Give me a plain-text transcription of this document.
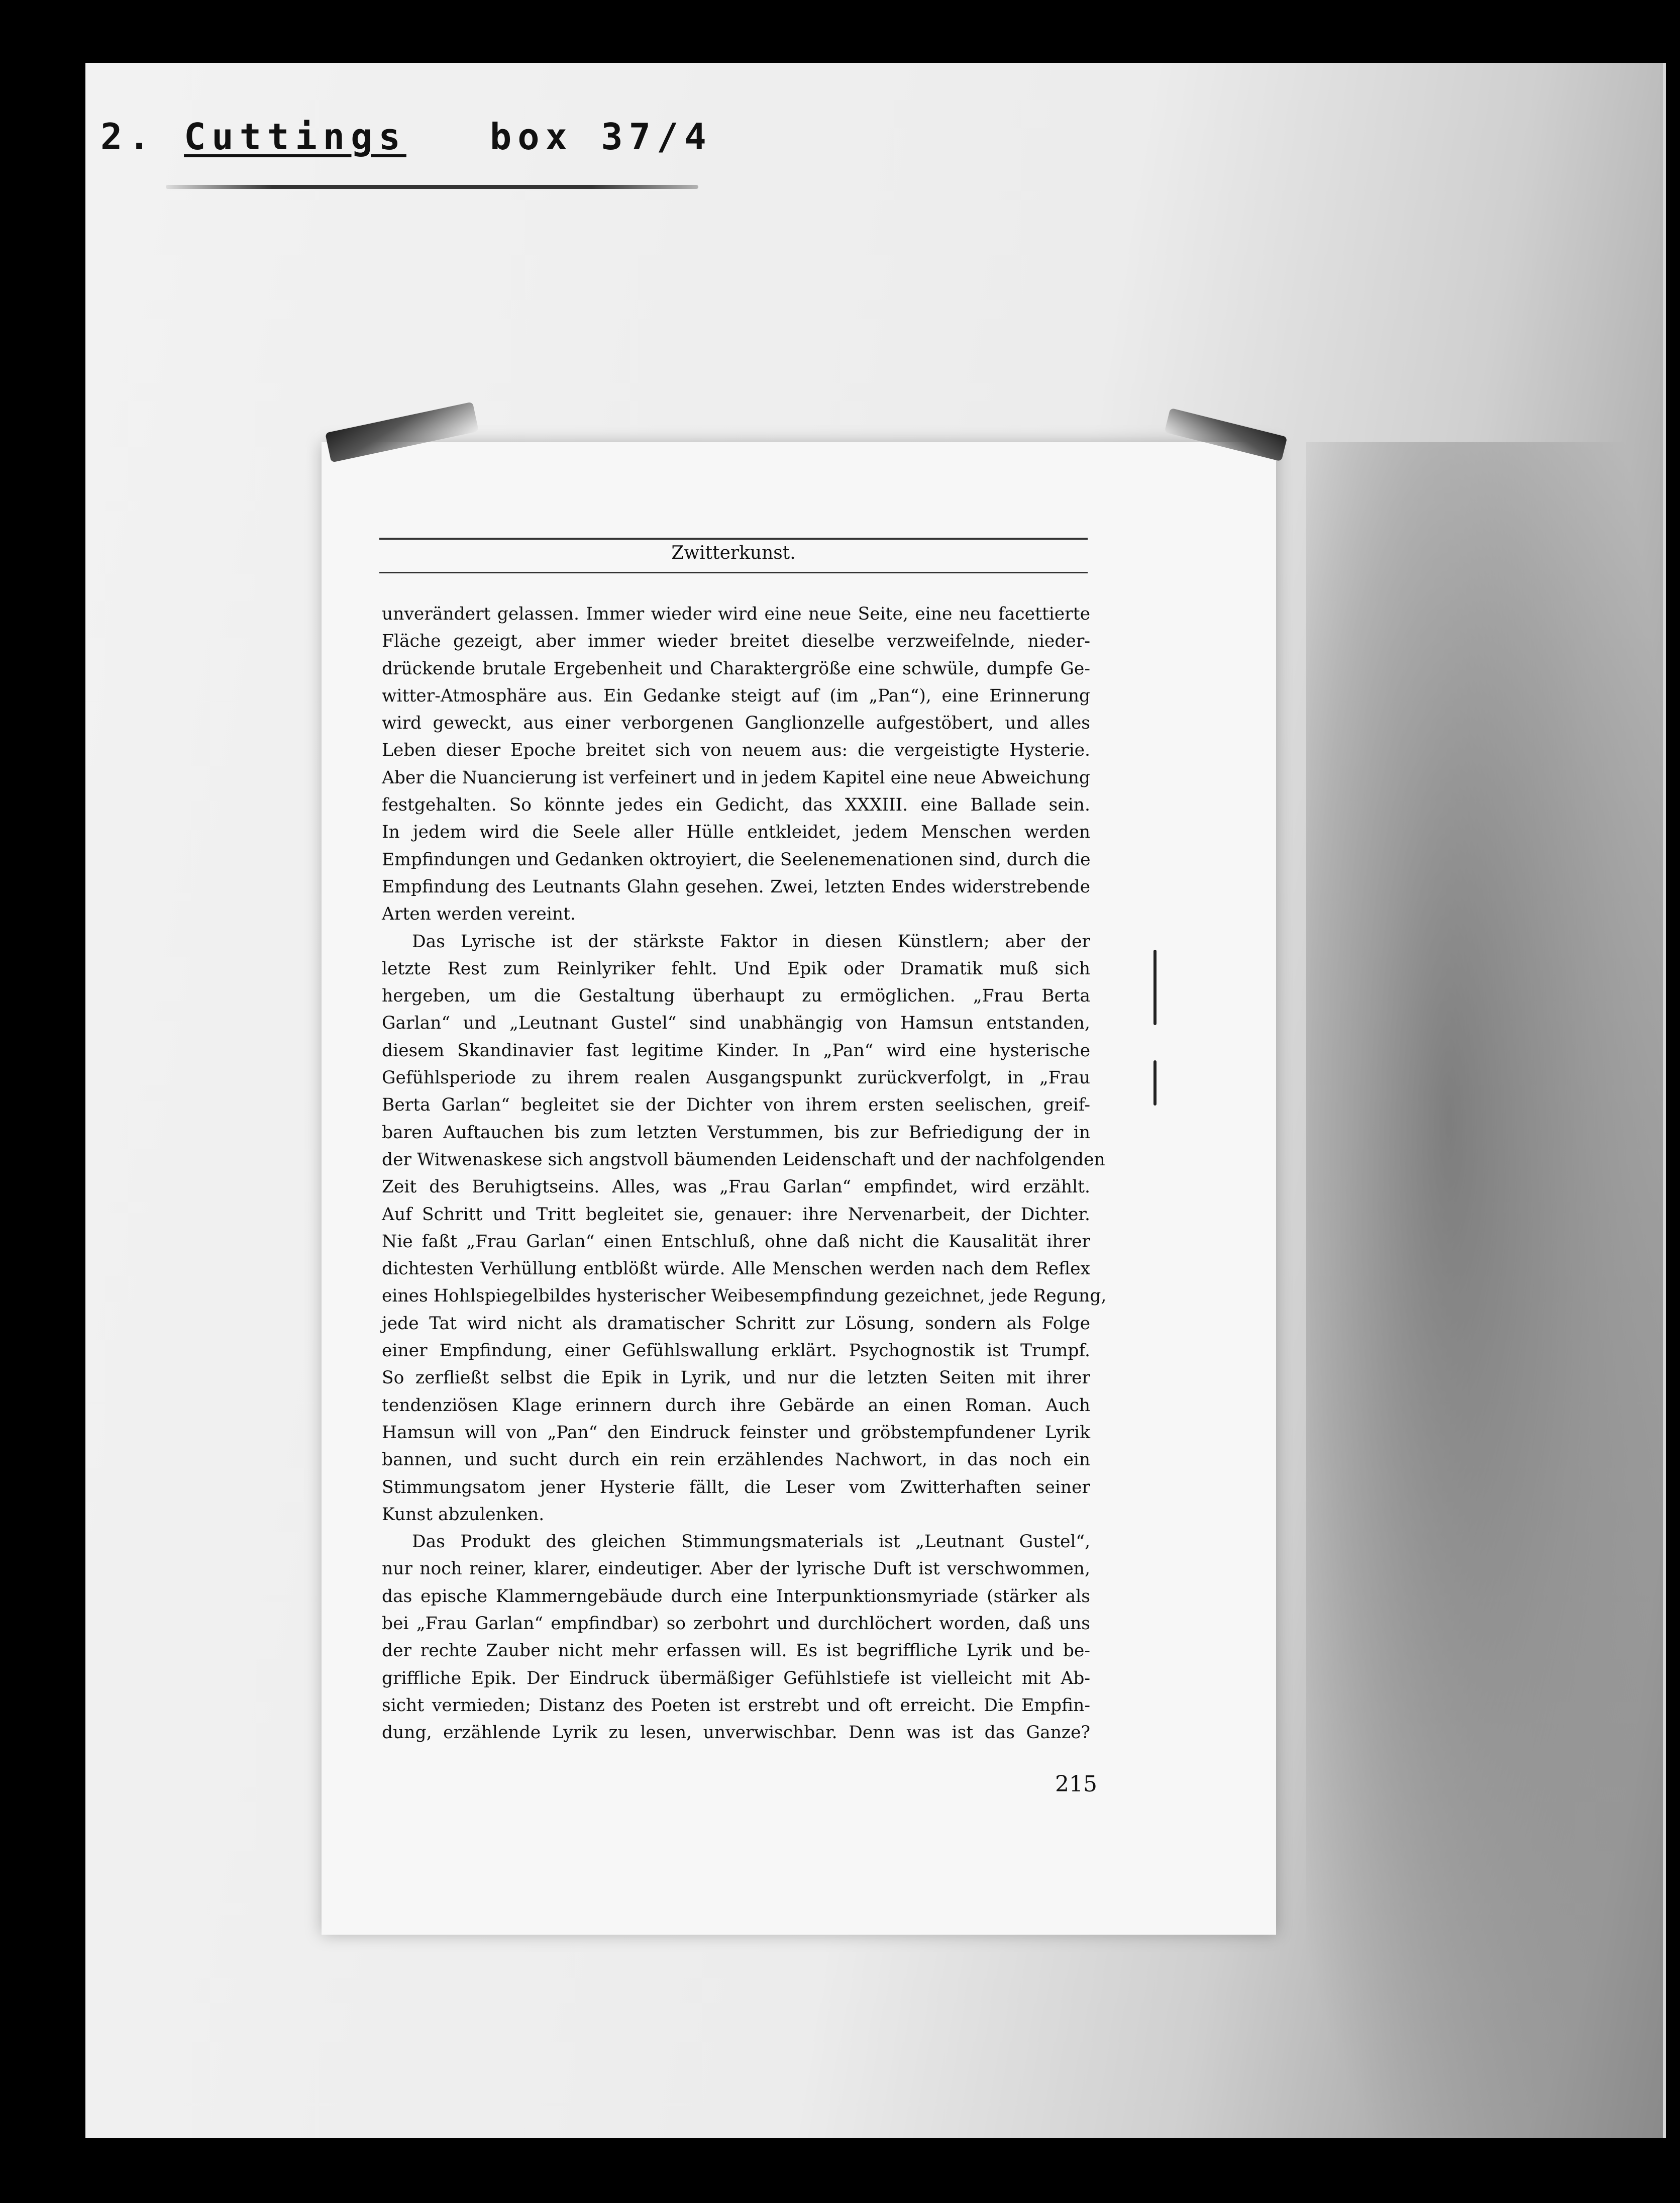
2. Cuttings box 37/4
Zwitterkunst.
unverändert gelassen. Immer wieder wird eine neue Seite, eine neu facettierte
Fläche gezeigt, aber immer wieder breitet dieselbe verzweifelnde, nieder-
drückende brutale Ergebenheit und Charaktergröße eine schwüle, dumpfe Ge-
witter-Atmosphäre aus. Ein Gedanke steigt auf (im „Pan“), eine Erinnerung
wird geweckt, aus einer verborgenen Ganglionzelle aufgestöbert, und alles
Leben dieser Epoche breitet sich von neuem aus: die vergeistigte Hysterie.
Aber die Nuancierung ist verfeinert und in jedem Kapitel eine neue Abweichung
festgehalten. So könnte jedes ein Gedicht, das XXXIII. eine Ballade sein.
In jedem wird die Seele aller Hülle entkleidet, jedem Menschen werden
Empfindungen und Gedanken oktroyiert, die Seelenemenationen sind, durch die
Empfindung des Leutnants Glahn gesehen. Zwei, letzten Endes widerstrebende
Arten werden vereint.
Das Lyrische ist der stärkste Faktor in diesen Künstlern; aber der
letzte Rest zum Reinlyriker fehlt. Und Epik oder Dramatik muß sich
hergeben, um die Gestaltung überhaupt zu ermöglichen. „Frau Berta
Garlan“ und „Leutnant Gustel“ sind unabhängig von Hamsun entstanden,
diesem Skandinavier fast legitime Kinder. In „Pan“ wird eine hysterische
Gefühlsperiode zu ihrem realen Ausgangspunkt zurückverfolgt, in „Frau
Berta Garlan“ begleitet sie der Dichter von ihrem ersten seelischen, greif-
baren Auftauchen bis zum letzten Verstummen, bis zur Befriedigung der in
der Witwenaskese sich angstvoll bäumenden Leidenschaft und der nachfolgenden
Zeit des Beruhigtseins. Alles, was „Frau Garlan“ empfindet, wird erzählt.
Auf Schritt und Tritt begleitet sie, genauer: ihre Nervenarbeit, der Dichter.
Nie faßt „Frau Garlan“ einen Entschluß, ohne daß nicht die Kausalität ihrer
dichtesten Verhüllung entblößt würde. Alle Menschen werden nach dem Reflex
eines Hohlspiegelbildes hysterischer Weibesempfindung gezeichnet, jede Regung,
jede Tat wird nicht als dramatischer Schritt zur Lösung, sondern als Folge
einer Empfindung, einer Gefühlswallung erklärt. Psychognostik ist Trumpf.
So zerfließt selbst die Epik in Lyrik, und nur die letzten Seiten mit ihrer
tendenziösen Klage erinnern durch ihre Gebärde an einen Roman. Auch
Hamsun will von „Pan“ den Eindruck feinster und gröbstempfundener Lyrik
bannen, und sucht durch ein rein erzählendes Nachwort, in das noch ein
Stimmungsatom jener Hysterie fällt, die Leser vom Zwitterhaften seiner
Kunst abzulenken.
Das Produkt des gleichen Stimmungsmaterials ist „Leutnant Gustel“,
nur noch reiner, klarer, eindeutiger. Aber der lyrische Duft ist verschwommen,
das epische Klammerngebäude durch eine Interpunktionsmyriade (stärker als
bei „Frau Garlan“ empfindbar) so zerbohrt und durchlöchert worden, daß uns
der rechte Zauber nicht mehr erfassen will. Es ist begriffliche Lyrik und be-
griffliche Epik. Der Eindruck übermäßiger Gefühlstiefe ist vielleicht mit Ab-
sicht vermieden; Distanz des Poeten ist erstrebt und oft erreicht. Die Empfin-
dung, erzählende Lyrik zu lesen, unverwischbar. Denn was ist das Ganze?
215
